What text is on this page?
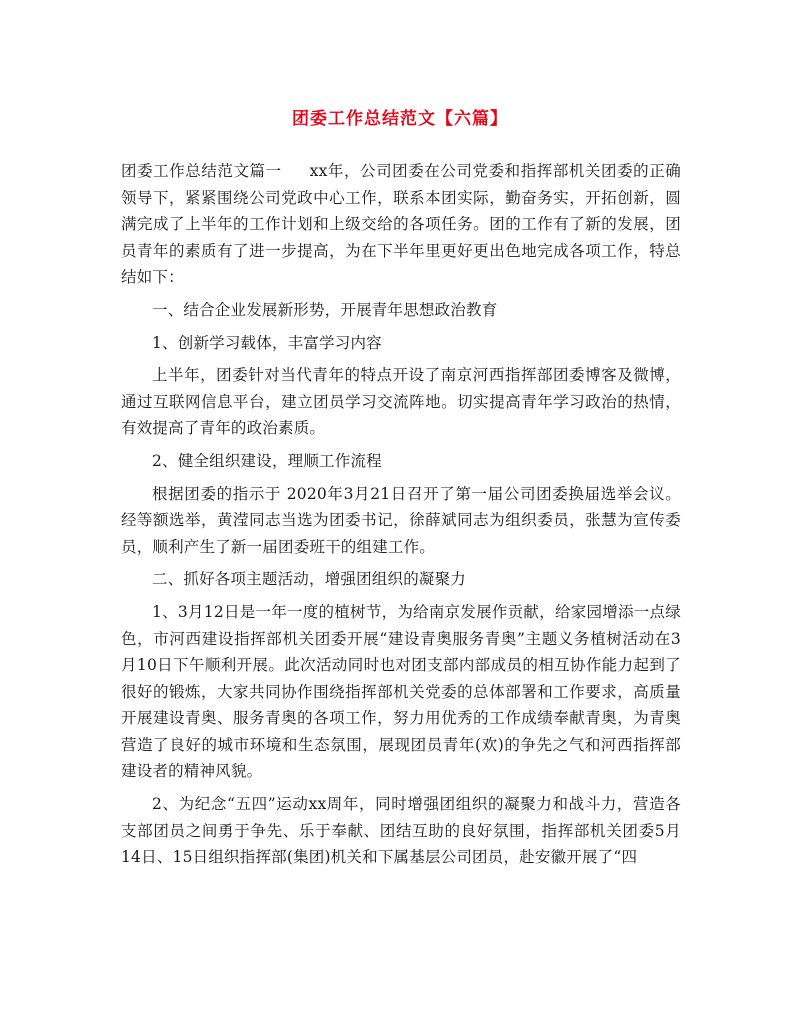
团委工作总结范文【六篇】

团委工作总结范文篇一 xx年，公司团委在公司党委和指挥部机关团委的正确领导下，紧紧围绕公司党政中心工作，联系本团实际，勤奋务实，开拓创新，圆满完成了上半年的工作计划和上级交给的各项任务。团的工作有了新的发展，团员青年的素质有了进一步提高，为在下半年里更好更出色地完成各项工作，特总结如下：

一、结合企业发展新形势，开展青年思想政治教育

1、创新学习载体，丰富学习内容

上半年，团委针对当代青年的特点开设了南京河西指挥部团委博客及微博，通过互联网信息平台，建立团员学习交流阵地。切实提高青年学习政治的热情，有效提高了青年的政治素质。

2、健全组织建设，理顺工作流程

根据团委的指示于 2020年3月21日召开了第一届公司团委换届选举会议。经等额选举，黄滢同志当选为团委书记，徐薛斌同志为组织委员，张慧为宣传委员，顺利产生了新一届团委班干的组建工作。

二、抓好各项主题活动，增强团组织的凝聚力

1、3月12日是一年一度的植树节，为给南京发展作贡献，给家园增添一点绿色，市河西建设指挥部机关团委开展“建设青奥服务青奥”主题义务植树活动在3月10日下午顺利开展。此次活动同时也对团支部内部成员的相互协作能力起到了很好的锻炼，大家共同协作围绕指挥部机关党委的总体部署和工作要求，高质量开展建设青奥、服务青奥的各项工作，努力用优秀的工作成绩奉献青奥，为青奥营造了良好的城市环境和生态氛围，展现团员青年(欢)的争先之气和河西指挥部建设者的精神风貌。

2、为纪念“五四”运动xx周年，同时增强团组织的凝聚力和战斗力，营造各支部团员之间勇于争先、乐于奉献、团结互助的良好氛围，指挥部机关团委5月14日、15日组织指挥部(集团)机关和下属基层公司团员，赴安徽开展了“四
